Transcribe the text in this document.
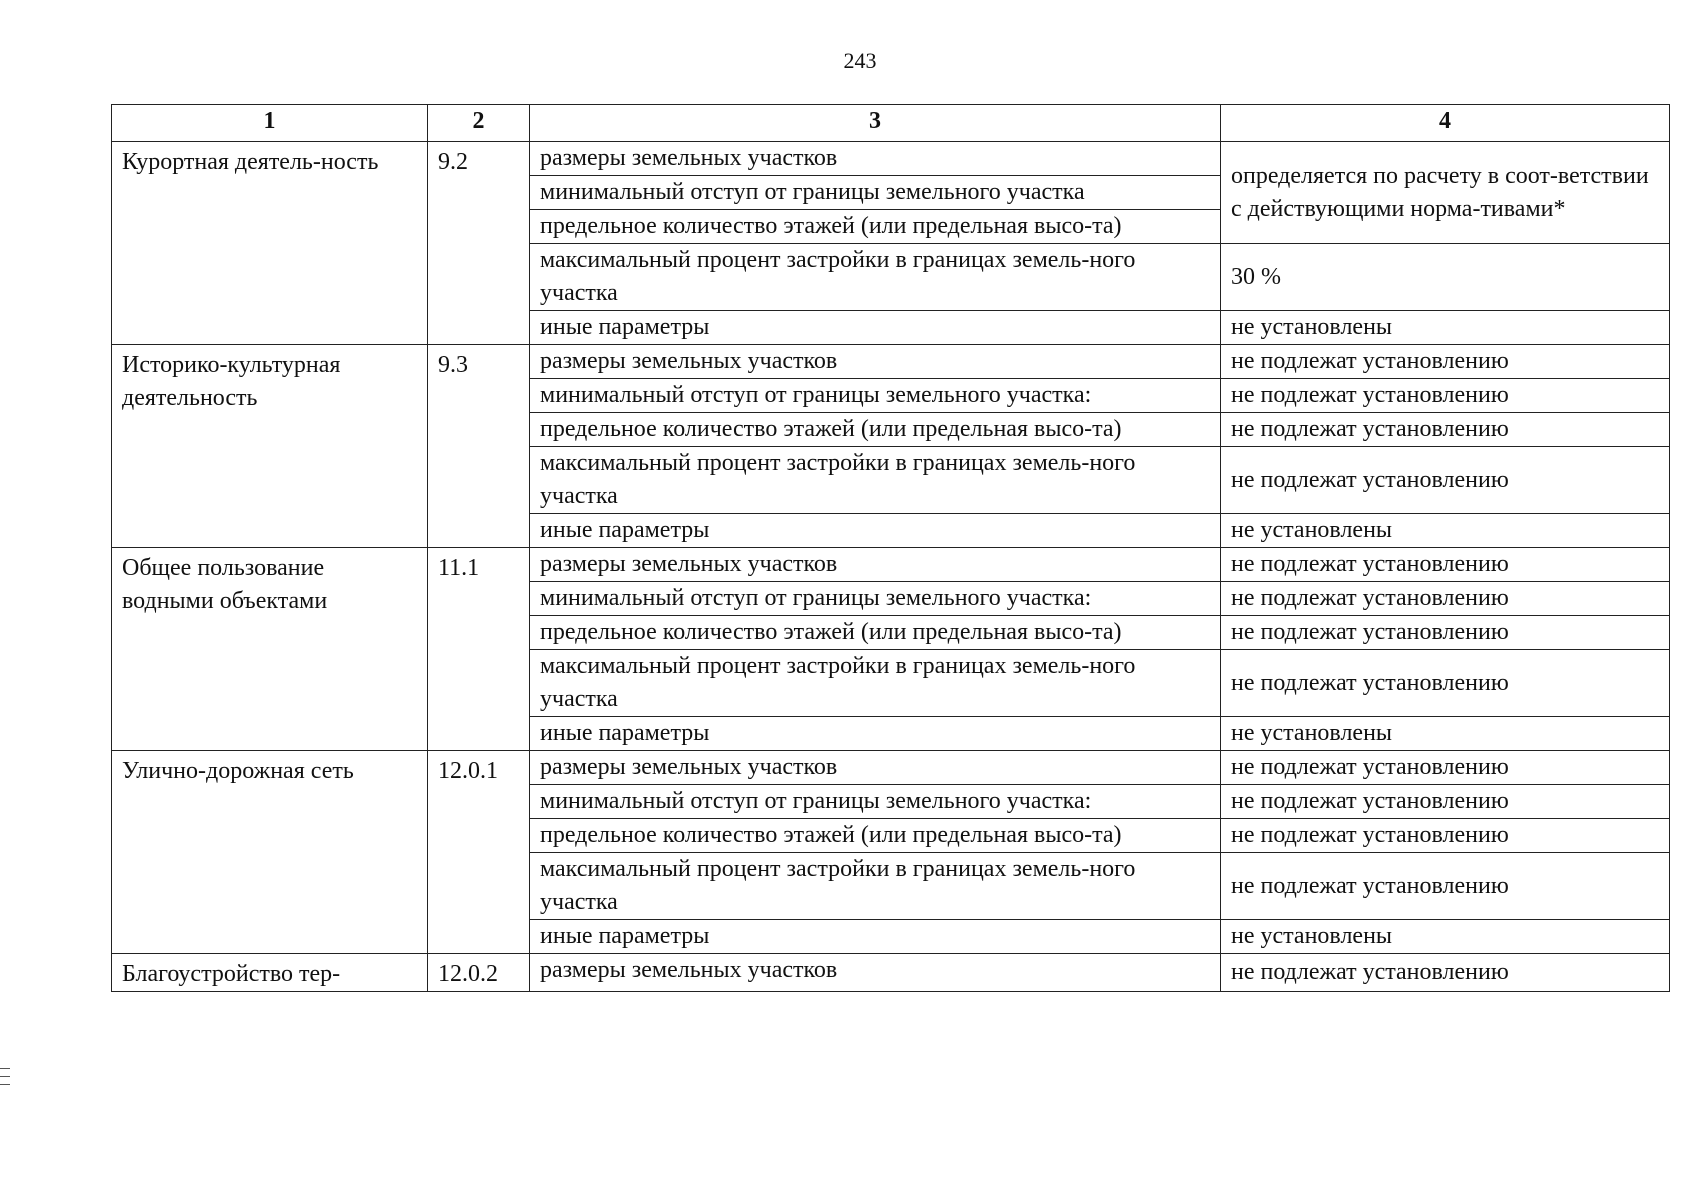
243
1	2	3	4
Курортная деятель-ность	9.2	размеры земельных участков	определяется по расчету в соот-ветствии с действующими норма-тивами*
		минимальный отступ от границы земельного участка	
		предельное количество этажей (или предельная высо-та)	
		максимальный процент застройки в границах земель-ного участка	30 %
		иные параметры	не установлены
Историко-культурная деятельность	9.3	размеры земельных участков	не подлежат установлению
		минимальный отступ от границы земельного участка:	не подлежат установлению
		предельное количество этажей (или предельная высо-та)	не подлежат установлению
		максимальный процент застройки в границах земель-ного участка	не подлежат установлению
		иные параметры	не установлены
Общее пользование водными объектами	11.1	размеры земельных участков	не подлежат установлению
		минимальный отступ от границы земельного участка:	не подлежат установлению
		предельное количество этажей (или предельная высо-та)	не подлежат установлению
		максимальный процент застройки в границах земель-ного участка	не подлежат установлению
		иные параметры	не установлены
Улично-дорожная сеть	12.0.1	размеры земельных участков	не подлежат установлению
		минимальный отступ от границы земельного участка:	не подлежат установлению
		предельное количество этажей (или предельная высо-та)	не подлежат установлению
		максимальный процент застройки в границах земель-ного участка	не подлежат установлению
		иные параметры	не установлены
Благоустройство тер-	12.0.2	размеры земельных участков	не подлежат установлению
